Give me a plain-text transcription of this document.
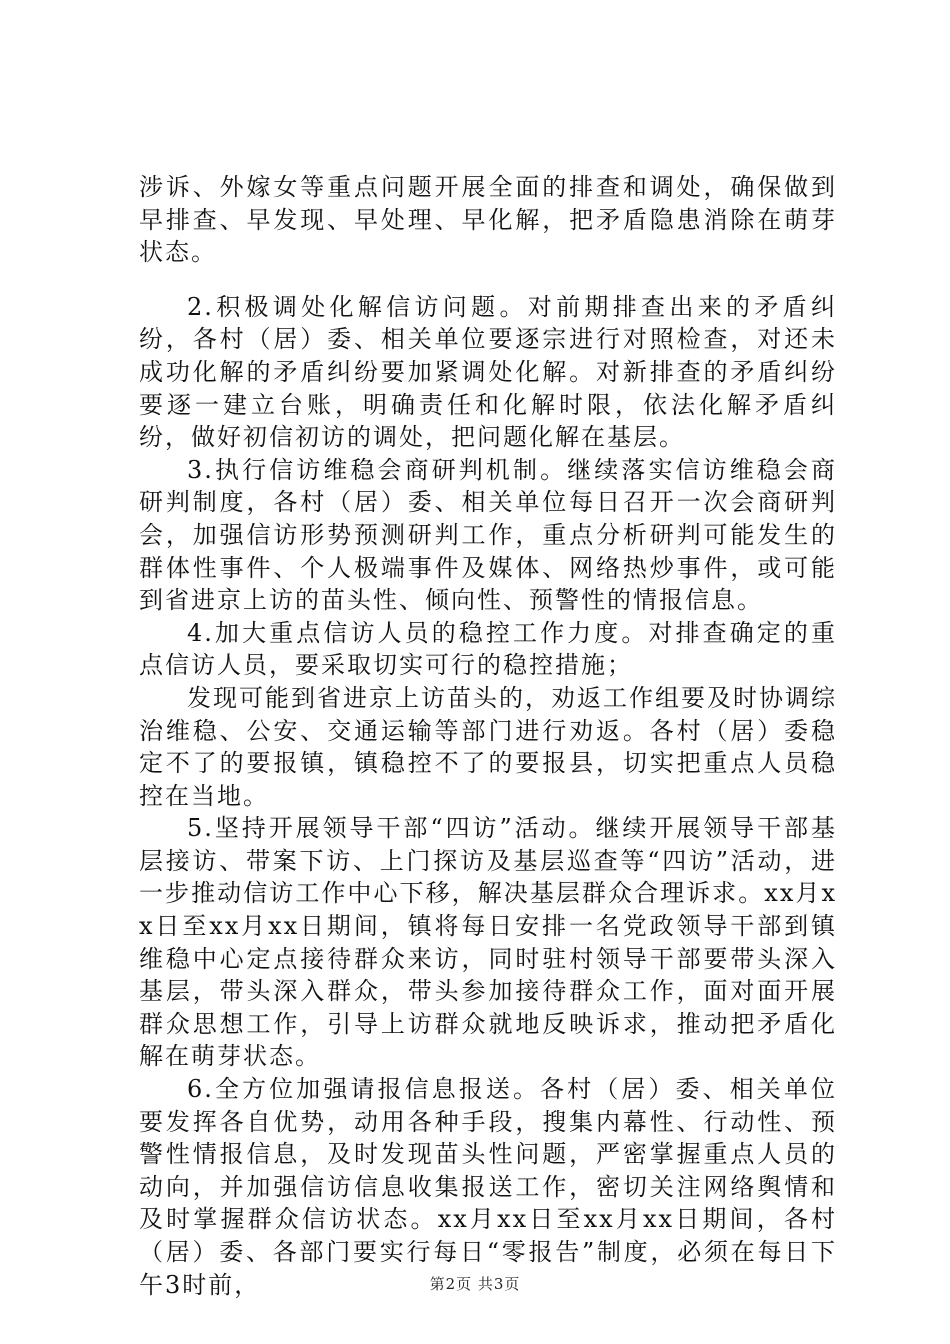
涉诉、外嫁女等重点问题开展全面的排查和调处，确保做到早排查、早发现、早处理、早化解，把矛盾隐患消除在萌芽状态。

2.积极调处化解信访问题。对前期排查出来的矛盾纠纷，各村（居）委、相关单位要逐宗进行对照检查，对还未成功化解的矛盾纠纷要加紧调处化解。对新排查的矛盾纠纷要逐一建立台账，明确责任和化解时限，依法化解矛盾纠纷，做好初信初访的调处，把问题化解在基层。

3.执行信访维稳会商研判机制。继续落实信访维稳会商研判制度，各村（居）委、相关单位每日召开一次会商研判会，加强信访形势预测研判工作，重点分析研判可能发生的群体性事件、个人极端事件及媒体、网络热炒事件，或可能到省进京上访的苗头性、倾向性、预警性的情报信息。

4.加大重点信访人员的稳控工作力度。对排查确定的重点信访人员，要采取切实可行的稳控措施；

发现可能到省进京上访苗头的，劝返工作组要及时协调综治维稳、公安、交通运输等部门进行劝返。各村（居）委稳定不了的要报镇，镇稳控不了的要报县，切实把重点人员稳控在当地。

5.坚持开展领导干部“四访”活动。继续开展领导干部基层接访、带案下访、上门探访及基层巡查等“四访”活动，进一步推动信访工作中心下移，解决基层群众合理诉求。xx月xx日至xx月xx日期间，镇将每日安排一名党政领导干部到镇维稳中心定点接待群众来访，同时驻村领导干部要带头深入基层，带头深入群众，带头参加接待群众工作，面对面开展群众思想工作，引导上访群众就地反映诉求，推动把矛盾化解在萌芽状态。

6.全方位加强请报信息报送。各村（居）委、相关单位要发挥各自优势，动用各种手段，搜集内幕性、行动性、预警性情报信息，及时发现苗头性问题，严密掌握重点人员的动向，并加强信访信息收集报送工作，密切关注网络舆情和及时掌握群众信访状态。xx月xx日至xx月xx日期间，各村（居）委、各部门要实行每日“零报告”制度，必须在每日下午3时前，	第2页 共3页
